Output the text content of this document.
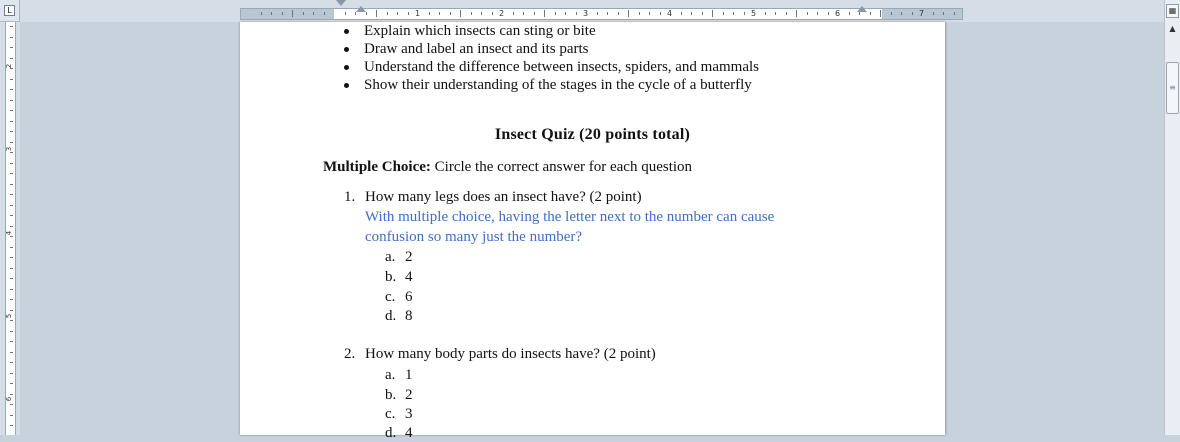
L	1	2	3	4	5	6	7
2
3
4
5
6
▦
▲
≡
Explain which insects can sting or bite
Draw and label an insect and its parts
Understand the difference between insects, spiders, and mammals
Show their understanding of the stages in the cycle of a butterfly
Insect Quiz (20 points total)
Multiple Choice: Circle the correct answer for each question
1. How many legs does an insect have? (2 point)
With multiple choice, having the letter next to the number can cause
confusion so many just the number?
a. 2
b. 4
c. 6
d. 8
2. How many body parts do insects have? (2 point)
a. 1
b. 2
c. 3
d. 4
